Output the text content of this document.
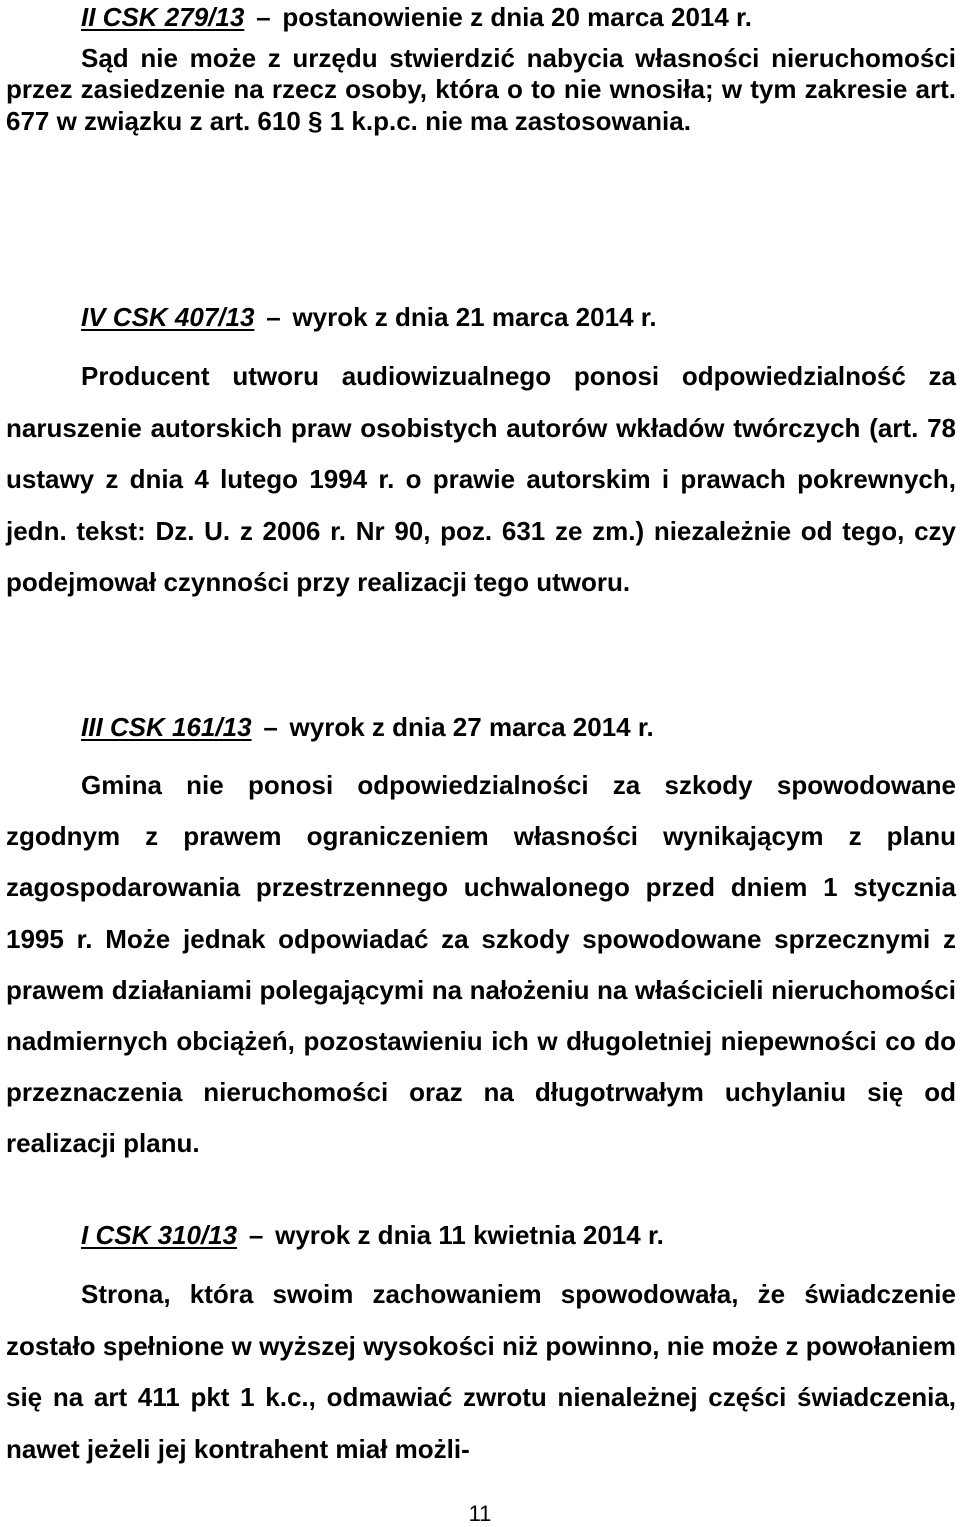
II CSK 279/13 – postanowienie z dnia 20 marca 2014 r.

Sąd nie może z urzędu stwierdzić nabycia własności nieruchomości przez zasiedzenie na rzecz osoby, która o to nie wnosiła; w tym zakresie art. 677 w związku z art. 610 § 1 k.p.c. nie ma zastosowania.

IV CSK 407/13 – wyrok z dnia 21 marca 2014 r.

Producent utworu audiowizualnego ponosi odpowiedzialność za naruszenie autorskich praw osobistych autorów wkładów twórczych (art. 78 ustawy z dnia 4 lutego 1994 r. o prawie autorskim i prawach pokrewnych, jedn. tekst: Dz. U. z 2006 r. Nr 90, poz. 631 ze zm.) niezależnie od tego, czy podejmował czynności przy realizacji tego utworu.

III CSK 161/13 – wyrok z dnia 27 marca 2014 r.

Gmina nie ponosi odpowiedzialności za szkody spowodowane zgodnym z prawem ograniczeniem własności wynikającym z planu zagospodarowania przestrzennego uchwalonego przed dniem 1 stycznia 1995 r. Może jednak odpowiadać za szkody spowodowane sprzecznymi z prawem działaniami polegającymi na nałożeniu na właścicieli nieruchomości nadmiernych obciążeń, pozostawieniu ich w długoletniej niepewności co do przeznaczenia nieruchomości oraz na długotrwałym uchylaniu się od realizacji planu.

I CSK 310/13 – wyrok z dnia 11 kwietnia 2014 r.

Strona, która swoim zachowaniem spowodowała, że świadczenie zostało spełnione w wyższej wysokości niż powinno, nie może z powołaniem się na art 411 pkt 1 k.c., odmawiać zwrotu nienależnej części świadczenia, nawet jeżeli jej kontrahent miał możli-

11
